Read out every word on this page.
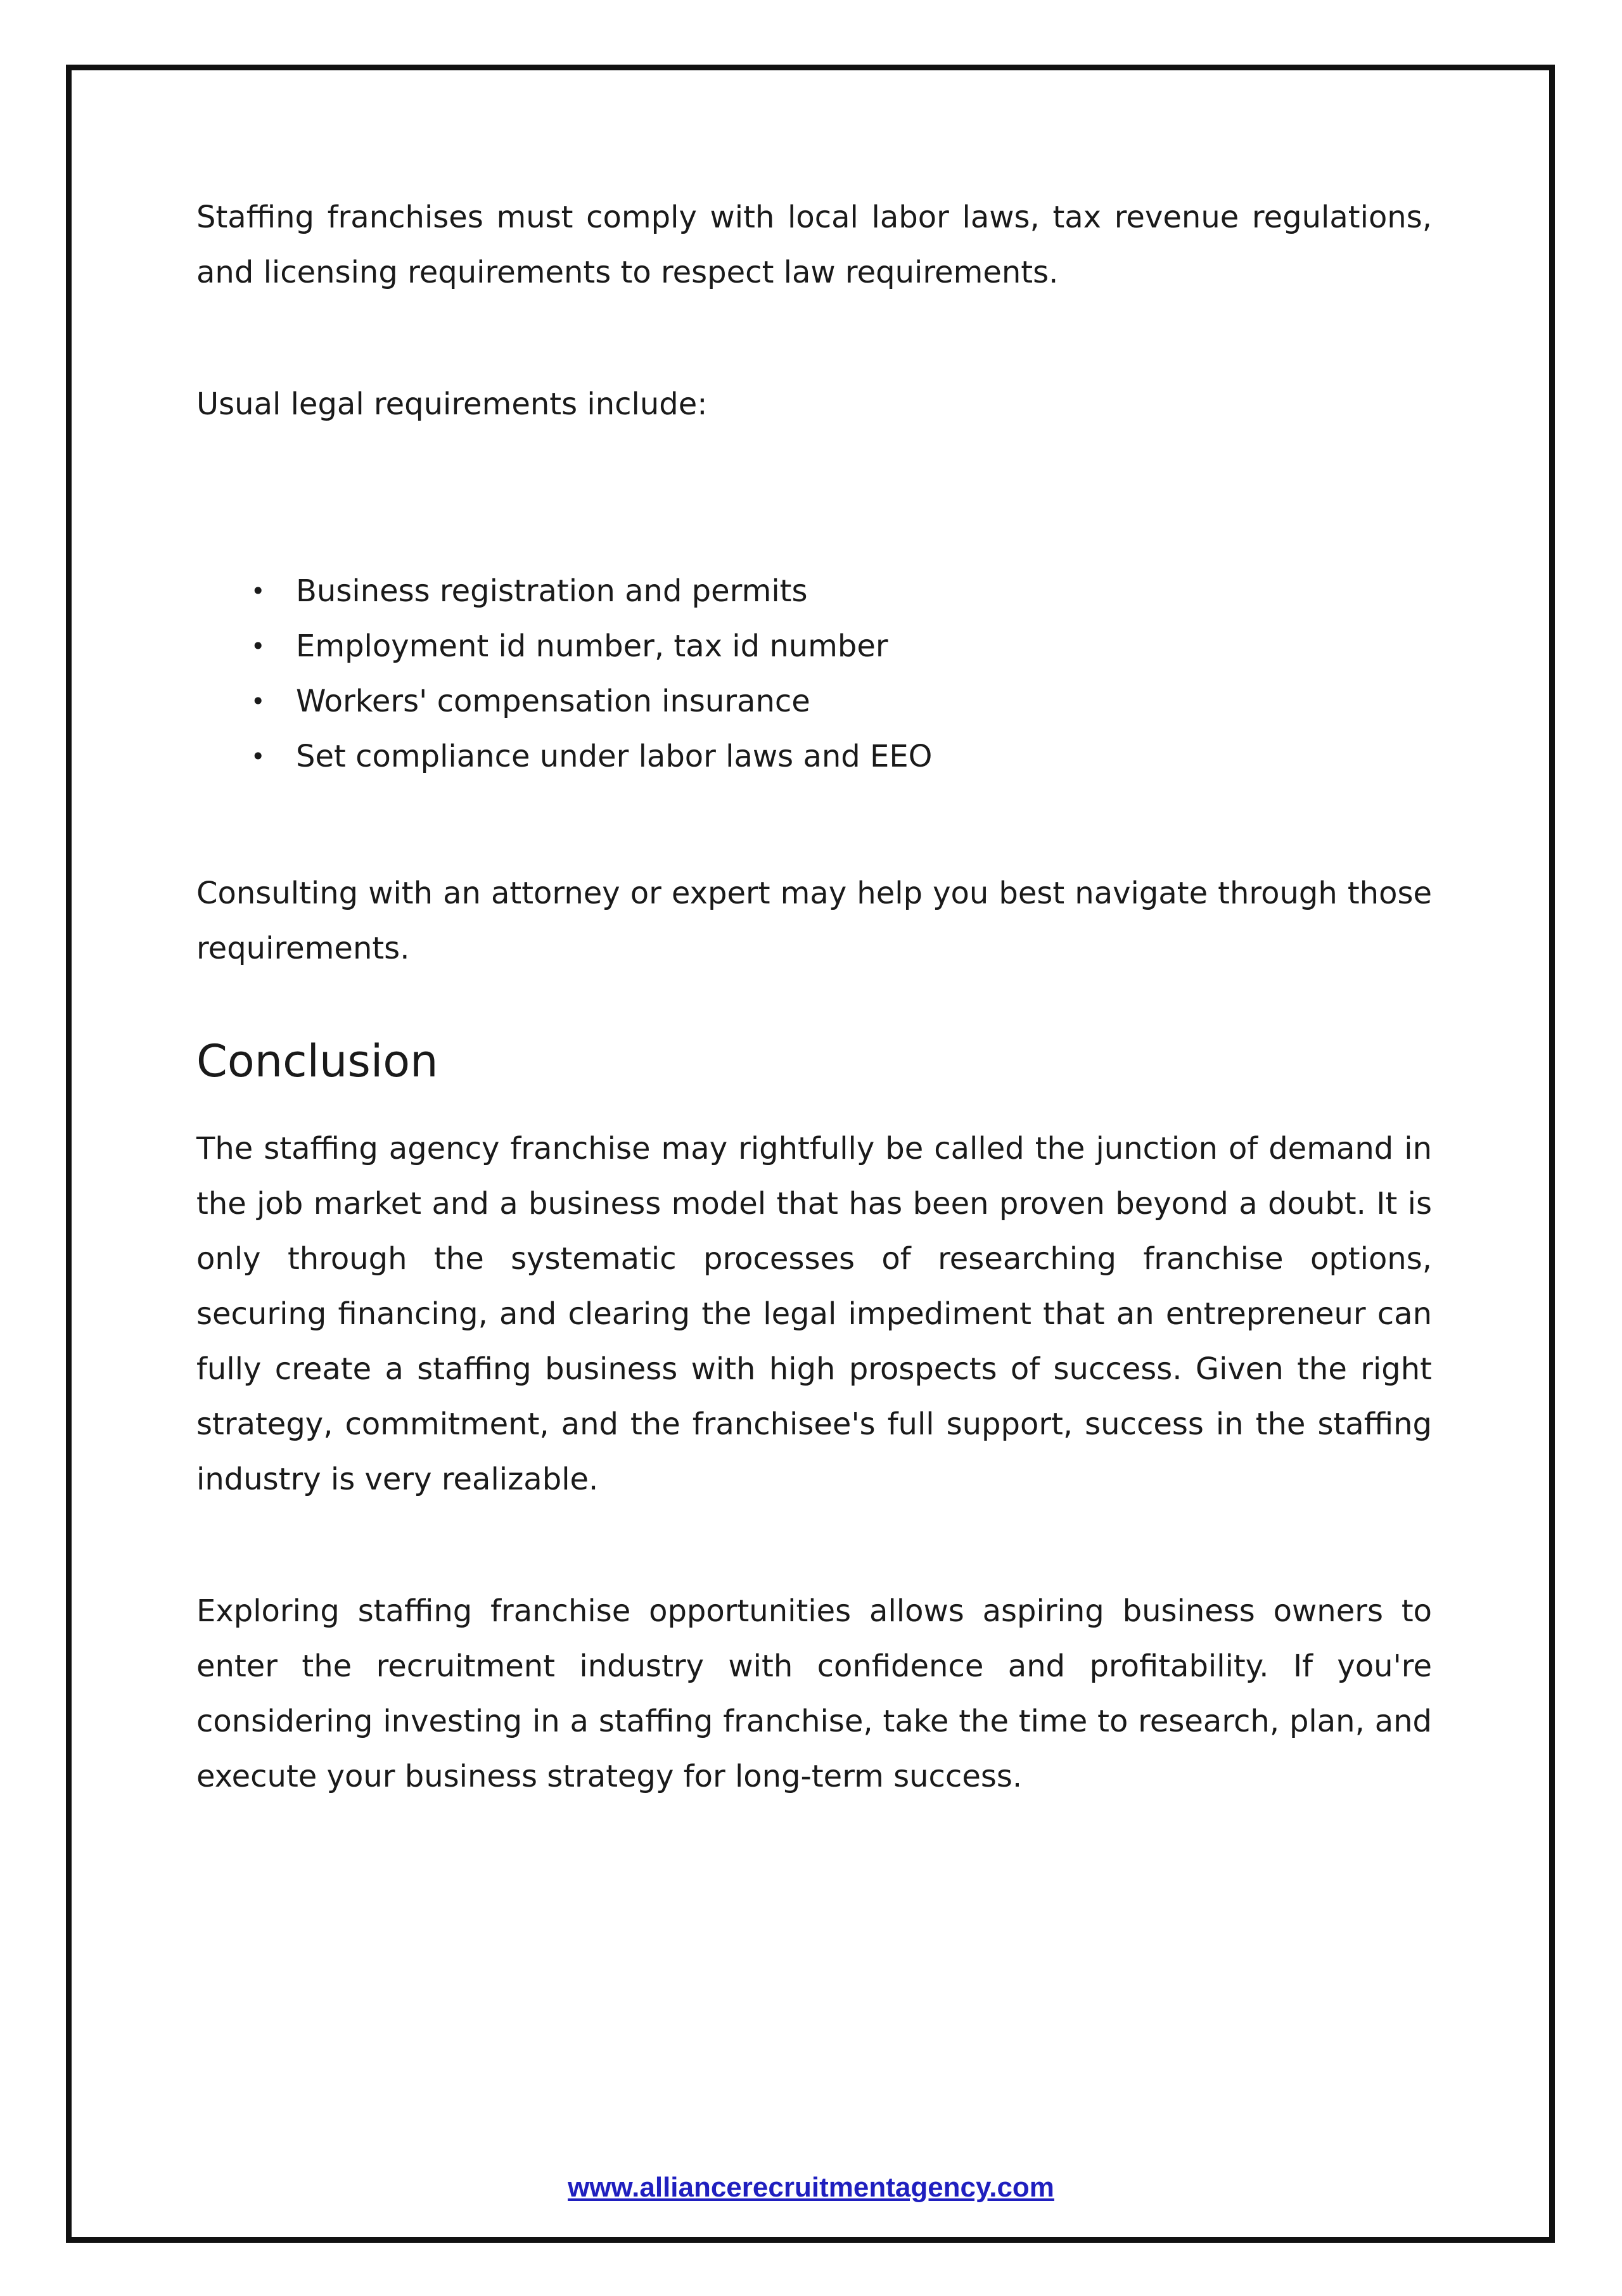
Staffing franchises must comply with local labor laws, tax revenue regulations, and licensing requirements to respect law requirements.

Usual legal requirements include:

• Business registration and permits
• Employment id number, tax id number
• Workers' compensation insurance
• Set compliance under labor laws and EEO

Consulting with an attorney or expert may help you best navigate through those requirements.

Conclusion

The staffing agency franchise may rightfully be called the junction of demand in the job market and a business model that has been proven beyond a doubt. It is only through the systematic processes of researching franchise options, securing financing, and clearing the legal impediment that an entrepreneur can fully create a staffing business with high prospects of success. Given the right strategy, commitment, and the franchisee's full support, success in the staffing industry is very realizable.

Exploring staffing franchise opportunities allows aspiring business owners to enter the recruitment industry with confidence and profitability. If you're considering investing in a staffing franchise, take the time to research, plan, and execute your business strategy for long-term success.

www.alliancerecruitmentagency.com
